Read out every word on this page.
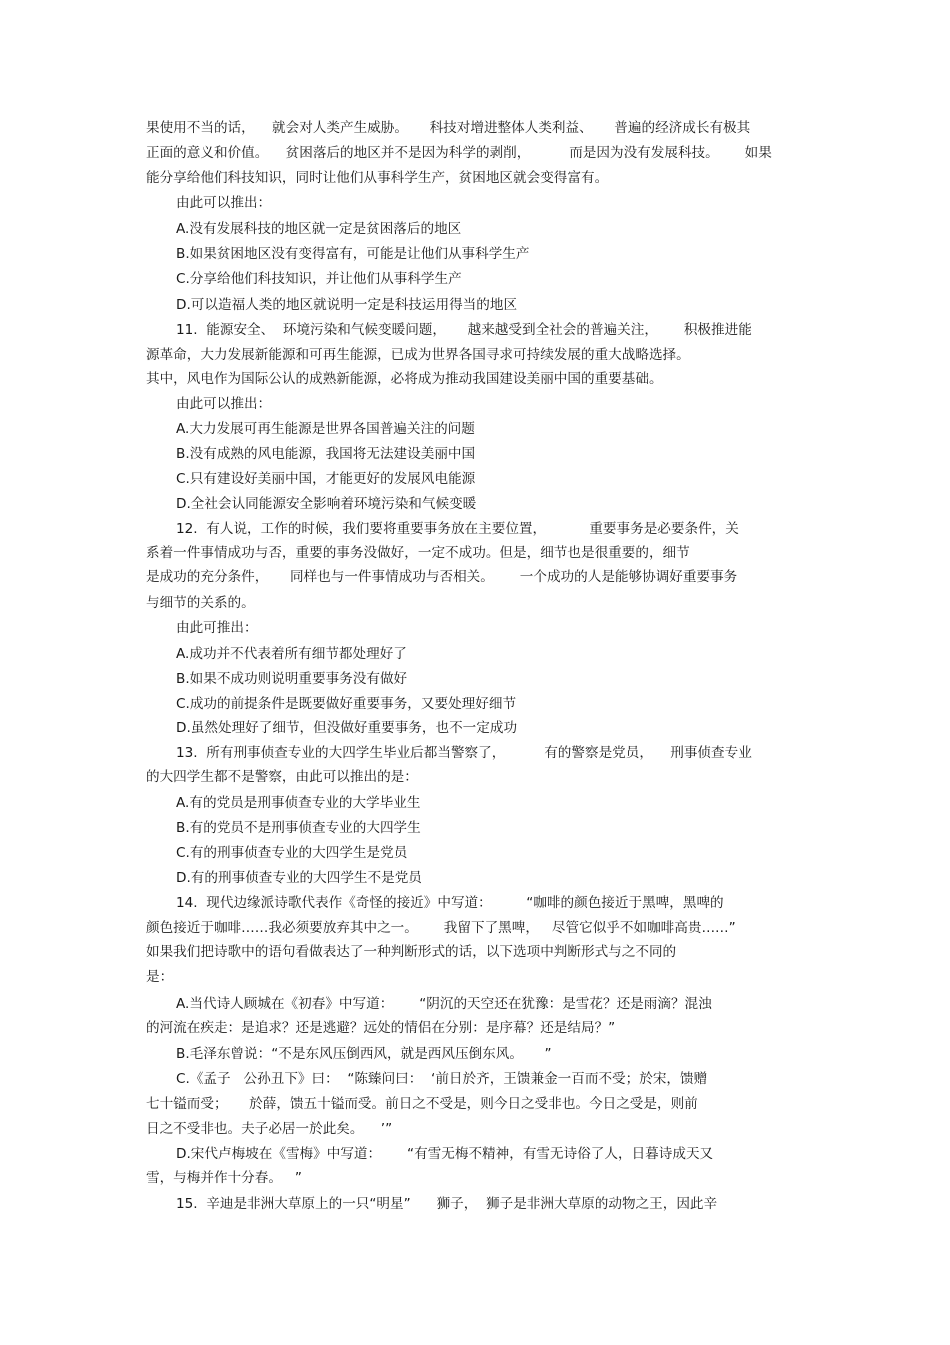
果使用不当的话，    就会对人类产生威胁。     科技对增进整体人类利益、     普遍的经济成长有极其

正面的意义和价值。    贫困落后的地区并不是因为科学的剥削，         而是因为没有发展科技。      如果

能分享给他们科技知识，同时让他们从事科学生产，贫困地区就会变得富有。

由此可以推出：

A.没有发展科技的地区就一定是贫困落后的地区

B.如果贫困地区没有变得富有，可能是让他们从事科学生产

C.分享给他们科技知识，并让他们从事科学生产

D.可以造福人类的地区就说明一定是科技运用得当的地区

11.  能源安全、  环境污染和气候变暖问题，     越来越受到全社会的普遍关注，      积极推进能

源革命，大力发展新能源和可再生能源，已成为世界各国寻求可持续发展的重大战略选择。

其中，风电作为国际公认的成熟新能源，必将成为推动我国建设美丽中国的重要基础。

由此可以推出：

A.大力发展可再生能源是世界各国普遍关注的问题

B.没有成熟的风电能源，我国将无法建设美丽中国

C.只有建设好美丽中国，才能更好的发展风电能源

D.全社会认同能源安全影响着环境污染和气候变暖

12.  有人说，工作的时候，我们要将重要事务放在主要位置，          重要事务是必要条件，关

系着一件事情成功与否，重要的事务没做好，一定不成功。但是，细节也是很重要的，细节

是成功的充分条件，     同样也与一件事情成功与否相关。      一个成功的人是能够协调好重要事务

与细节的关系的。

由此可推出：

A.成功并不代表着所有细节都处理好了

B.如果不成功则说明重要事务没有做好

C.成功的前提条件是既要做好重要事务，又要处理好细节

D.虽然处理好了细节，但没做好重要事务，也不一定成功

13.  所有刑事侦查专业的大四学生毕业后都当警察了，         有的警察是党员，    刑事侦查专业

的大四学生都不是警察，由此可以推出的是：

A.有的党员是刑事侦查专业的大学毕业生

B.有的党员不是刑事侦查专业的大四学生

C.有的刑事侦查专业的大四学生是党员

D.有的刑事侦查专业的大四学生不是党员

14.  现代边缘派诗歌代表作《奇怪的接近》中写道：        “咖啡的颜色接近于黑啤，黑啤的

颜色接近于咖啡……我必须要放弃其中之一。      我留下了黑啤，   尽管它似乎不如咖啡高贵……”

如果我们把诗歌中的语句看做表达了一种判断形式的话，以下选项中判断形式与之不同的

是：

A.当代诗人顾城在《初春》中写道：      “阴沉的天空还在犹豫：是雪花？还是雨滴？混浊

的河流在疾走：是追求？还是逃避？远处的情侣在分别：是序幕？还是结局？”

B.毛泽东曾说：“不是东风压倒西风，就是西风压倒东风。     ”

C.《孟子   公孙丑下》曰：  “陈臻问曰：  ‘前日於齐，王馈兼金一百而不受；於宋，馈赠

七十镒而受；     於薛，馈五十镒而受。前日之不受是，则今日之受非也。今日之受是，则前

日之不受非也。夫子必居一於此矣。    ’”

D.宋代卢梅坡在《雪梅》中写道：      “有雪无梅不精神，有雪无诗俗了人，日暮诗成天又

雪，与梅并作十分春。   ”

15.  辛迪是非洲大草原上的一只“明星”      狮子，  狮子是非洲大草原的动物之王，因此辛
